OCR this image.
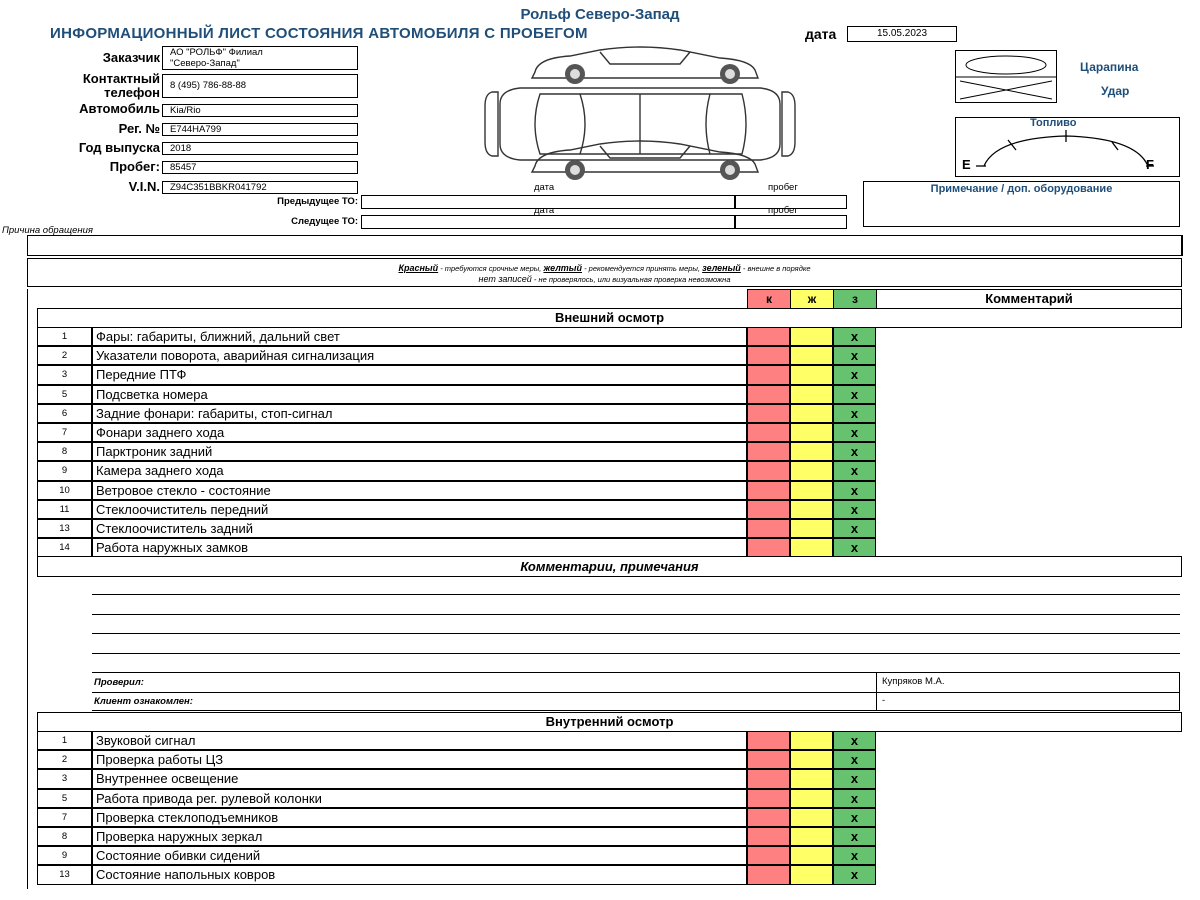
Рольф Северо-Запад
ИНФОРМАЦИОННЫЙ ЛИСТ СОСТОЯНИЯ АВТОМОБИЛЯ С ПРОБЕГОМ	дата	15.05.2023
Заказчик АО "РОЛЬФ" Филиал
"Северо-Запад"
Контактный
телефон	8 (495) 786-88-88
Автомобиль	Kia/Rio
Рег. №	Е744НА799
Год выпуска	2018
Пробег:	85457
V.I.N.	Z94C351BBKR041792	дата	пробег
Предыдущее ТО:
дата	пробег
Следущее ТО:
Царапина
Удар
Топливо
E	F
Примечание / доп. оборудование
Причина обращения
Красный - требуются срочные меры, желтый - рекомендуется принять меры, зеленый - внешне в порядке
нет записей - не проверялось, или визуальная проверка невозможна
к	ж	з	Комментарий
Внешний осмотр
1	Фары: габариты, ближний, дальний свет	x
2	Указатели поворота, аварийная сигнализация	x
3	Передние ПТФ	x
5	Подсветка номера	x
6	Задние фонари: габариты, стоп-сигнал	x
7	Фонари заднего хода	x
8	Парктроник задний	x
9	Камера заднего хода	x
10	Ветровое стекло - состояние	x
11	Стеклоочиститель передний	x
13	Стеклоочиститель задний	x
14	Работа наружных замков	x
Комментарии, примечания
Проверил:	Купряков М.А.
Клиент ознакомлен:	-
Внутренний осмотр
1	Звуковой сигнал	x
2	Проверка работы ЦЗ	x
3	Внутреннее освещение	x
5	Работа привода рег. рулевой колонки	x
7	Проверка стеклоподъемников	x
8	Проверка наружных зеркал	x
9	Состояние обивки сидений	x
13	Состояние напольных ковров	x
